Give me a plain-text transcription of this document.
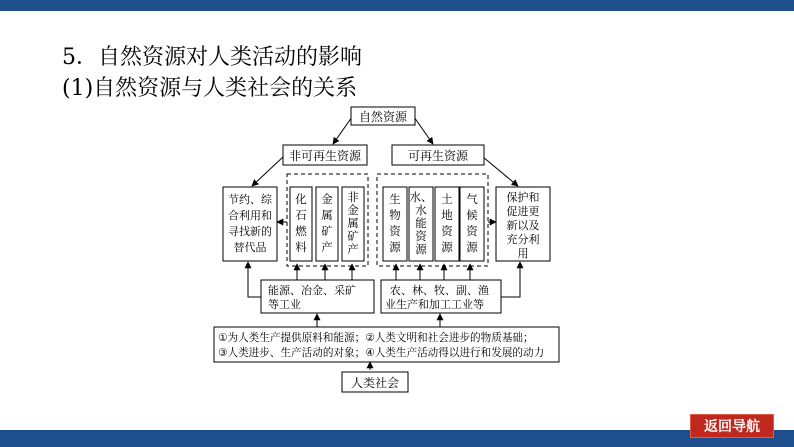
5．自然资源对人类活动的影响
(1)自然资源与人类社会的关系
自然资源
非可再生资源	可再生资源
节约、综
合利用和
寻找新的
替代品
保护和
促进更
新以及
充分利
用
化
石
燃
料
金
属
矿
产
非
金
属
矿
产
生
物
资
源
水、
水
能
资
源
土
地
资
源
气
候
资
源
能源、冶金、采矿
等工业
农、林、牧、副、渔
业生产和加工工业等
①为人类生产提供原料和能源；②人类文明和社会进步的物质基础；
③人类进步、生产活动的对象；④人类生产活动得以进行和发展的动力
人类社会
返回导航
